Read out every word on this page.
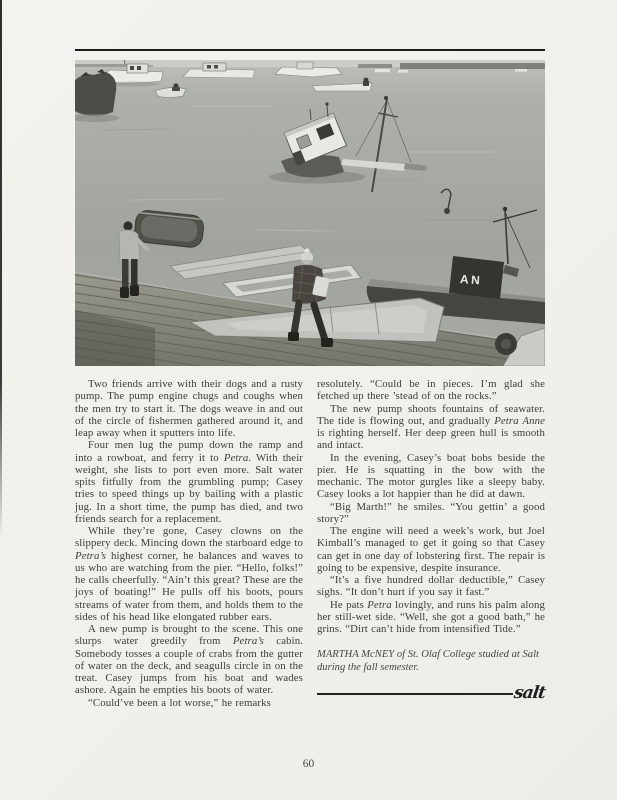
AN

Two friends arrive with their dogs and a rusty pump. The pump engine chugs and coughs when the men try to start it. The dogs weave in and out of the circle of fishermen gathered around it, and leap away when it sputters into life.

Four men lug the pump down the ramp and into a rowboat, and ferry it to Petra. With their weight, she lists to port even more. Salt water spits fitfully from the grumbling pump; Casey tries to speed things up by bailing with a plastic jug. In a short time, the pump has died, and two friends search for a replacement.

While they’re gone, Casey clowns on the slippery deck. Mincing down the starboard edge to Petra’s highest corner, he balances and waves to us who are watching from the pier. “Hello, folks!” he calls cheerfully. “Ain’t this great? These are the joys of boating!” He pulls off his boots, pours streams of water from them, and holds them to the sides of his head like elongated rubber ears.

A new pump is brought to the scene. This one slurps water greedily from Petra’s cabin. Somebody tosses a couple of crabs from the gutter of water on the deck, and seagulls circle in on the treat. Casey jumps from his boat and wades ashore. Again he empties his boots of water.

“Could’ve been a lot worse,” he remarks

resolutely. “Could be in pieces. I’m glad she fetched up there ’stead of on the rocks.”

The new pump shoots fountains of seawater. The tide is flowing out, and gradually Petra Anne is righting herself. Her deep green hull is smooth and intact.

In the evening, Casey’s boat bobs beside the pier. He is squatting in the bow with the mechanic. The motor gurgles like a sleepy baby. Casey looks a lot happier than he did at dawn.

“Big Marth!” he smiles. “You gettin’ a good story?”

The engine will need a week’s work, but Joel Kimball’s managed to get it going so that Casey can get in one day of lobstering first. The repair is going to be expensive, despite insurance.

“It’s a five hundred dollar deductible,” Casey sighs. “It don’t hurt if you say it fast.”

He pats Petra lovingly, and runs his palm along her still-wet side. “Well, she got a good bath,” he grins. “Dirt can’t hide from intensified Tide.”

MARTHA McNEY of St. Olaf College studied at Salt during the fall semester.
salt
60
